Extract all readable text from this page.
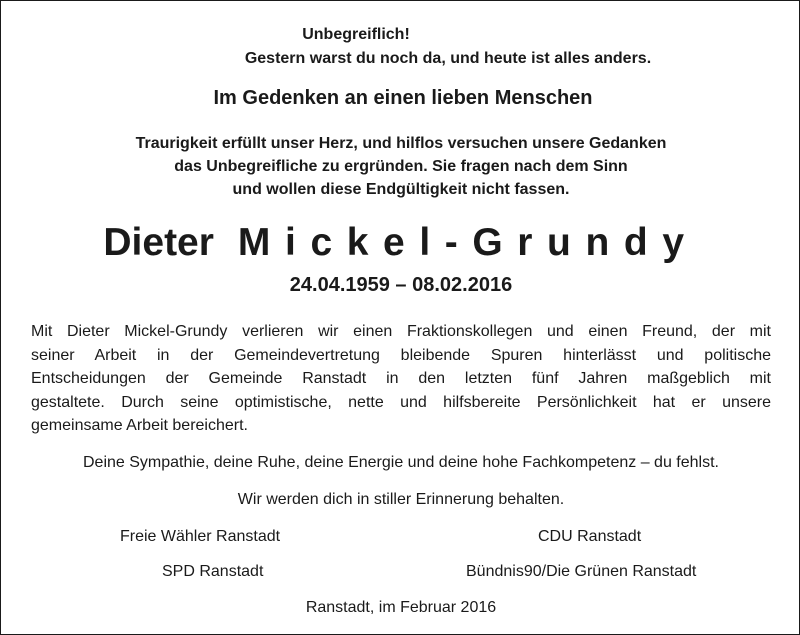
Unbegreiflich!
Gestern warst du noch da, und heute ist alles anders.
Im Gedenken an einen lieben Menschen
Traurigkeit erfüllt unser Herz, und hilflos versuchen unsere Gedanken
das Unbegreifliche zu ergründen. Sie fragen nach dem Sinn
und wollen diese Endgültigkeit nicht fassen.
Dieter Mickel-Grundy
24.04.1959 – 08.02.2016
Mit Dieter Mickel-Grundy verlieren wir einen Fraktionskollegen und einen Freund, der mit
seiner Arbeit in der Gemeindevertretung bleibende Spuren hinterlässt und politische
Entscheidungen der Gemeinde Ranstadt in den letzten fünf Jahren maßgeblich mit
gestaltete. Durch seine optimistische, nette und hilfsbereite Persönlichkeit hat er unsere
gemeinsame Arbeit bereichert.
Deine Sympathie, deine Ruhe, deine Energie und deine hohe Fachkompetenz – du fehlst.
Wir werden dich in stiller Erinnerung behalten.
Freie Wähler Ranstadt	CDU Ranstadt
SPD Ranstadt	Bündnis90/Die Grünen Ranstadt
Ranstadt, im Februar 2016
